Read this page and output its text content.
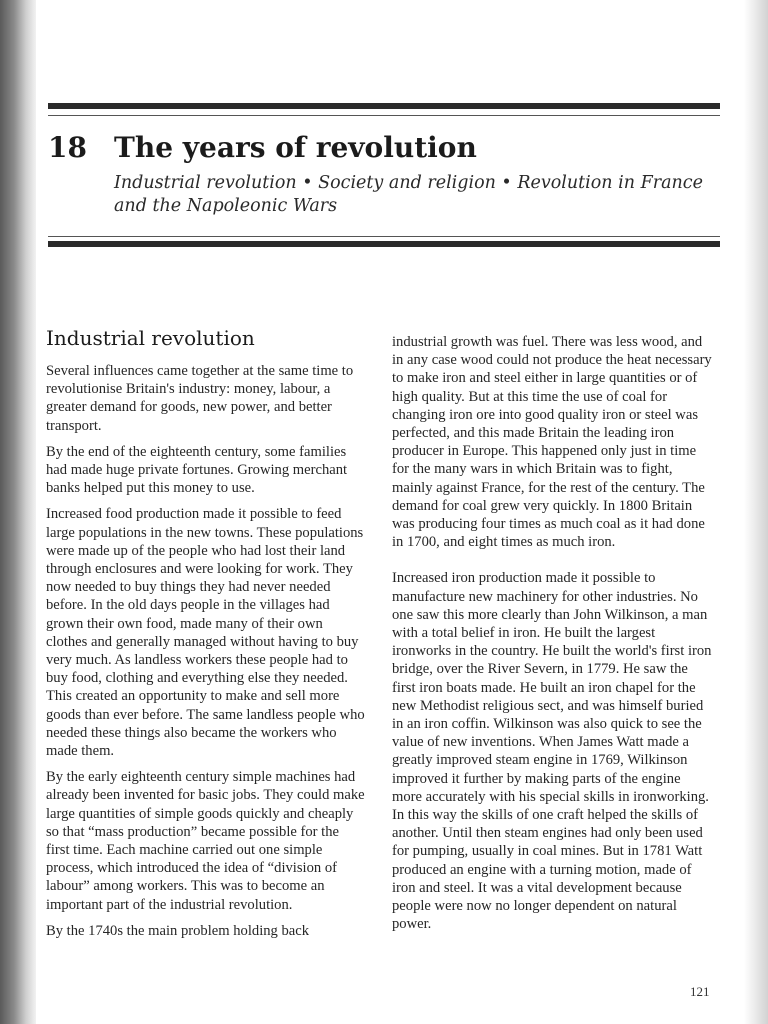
18 The years of revolution

Industrial revolution • Society and religion • Revolution in France and the Napoleonic Wars

Industrial revolution

Several influences came together at the same time to revolutionise Britain's industry: money, labour, a greater demand for goods, new power, and better transport.

By the end of the eighteenth century, some families had made huge private fortunes. Growing merchant banks helped put this money to use.

Increased food production made it possible to feed large populations in the new towns. These populations were made up of the people who had lost their land through enclosures and were looking for work. They now needed to buy things they had never needed before. In the old days people in the villages had grown their own food, made many of their own clothes and generally managed without having to buy very much. As landless workers these people had to buy food, clothing and everything else they needed. This created an opportunity to make and sell more goods than ever before. The same landless people who needed these things also became the workers who made them.

By the early eighteenth century simple machines had already been invented for basic jobs. They could make large quantities of simple goods quickly and cheaply so that “mass production” became possible for the first time. Each machine carried out one simple process, which introduced the idea of “division of labour” among workers. This was to become an important part of the industrial revolution.

By the 1740s the main problem holding back

industrial growth was fuel. There was less wood, and in any case wood could not produce the heat necessary to make iron and steel either in large quantities or of high quality. But at this time the use of coal for changing iron ore into good quality iron or steel was perfected, and this made Britain the leading iron producer in Europe. This happened only just in time for the many wars in which Britain was to fight, mainly against France, for the rest of the century. The demand for coal grew very quickly. In 1800 Britain was producing four times as much coal as it had done in 1700, and eight times as much iron.

Increased iron production made it possible to manufacture new machinery for other industries. No one saw this more clearly than John Wilkinson, a man with a total belief in iron. He built the largest ironworks in the country. He built the world's first iron bridge, over the River Severn, in 1779. He saw the first iron boats made. He built an iron chapel for the new Methodist religious sect, and was himself buried in an iron coffin. Wilkinson was also quick to see the value of new inventions. When James Watt made a greatly improved steam engine in 1769, Wilkinson improved it further by making parts of the engine more accurately with his special skills in ironworking. In this way the skills of one craft helped the skills of another. Until then steam engines had only been used for pumping, usually in coal mines. But in 1781 Watt produced an engine with a turning motion, made of iron and steel. It was a vital development because people were now no longer dependent on natural power.

121
